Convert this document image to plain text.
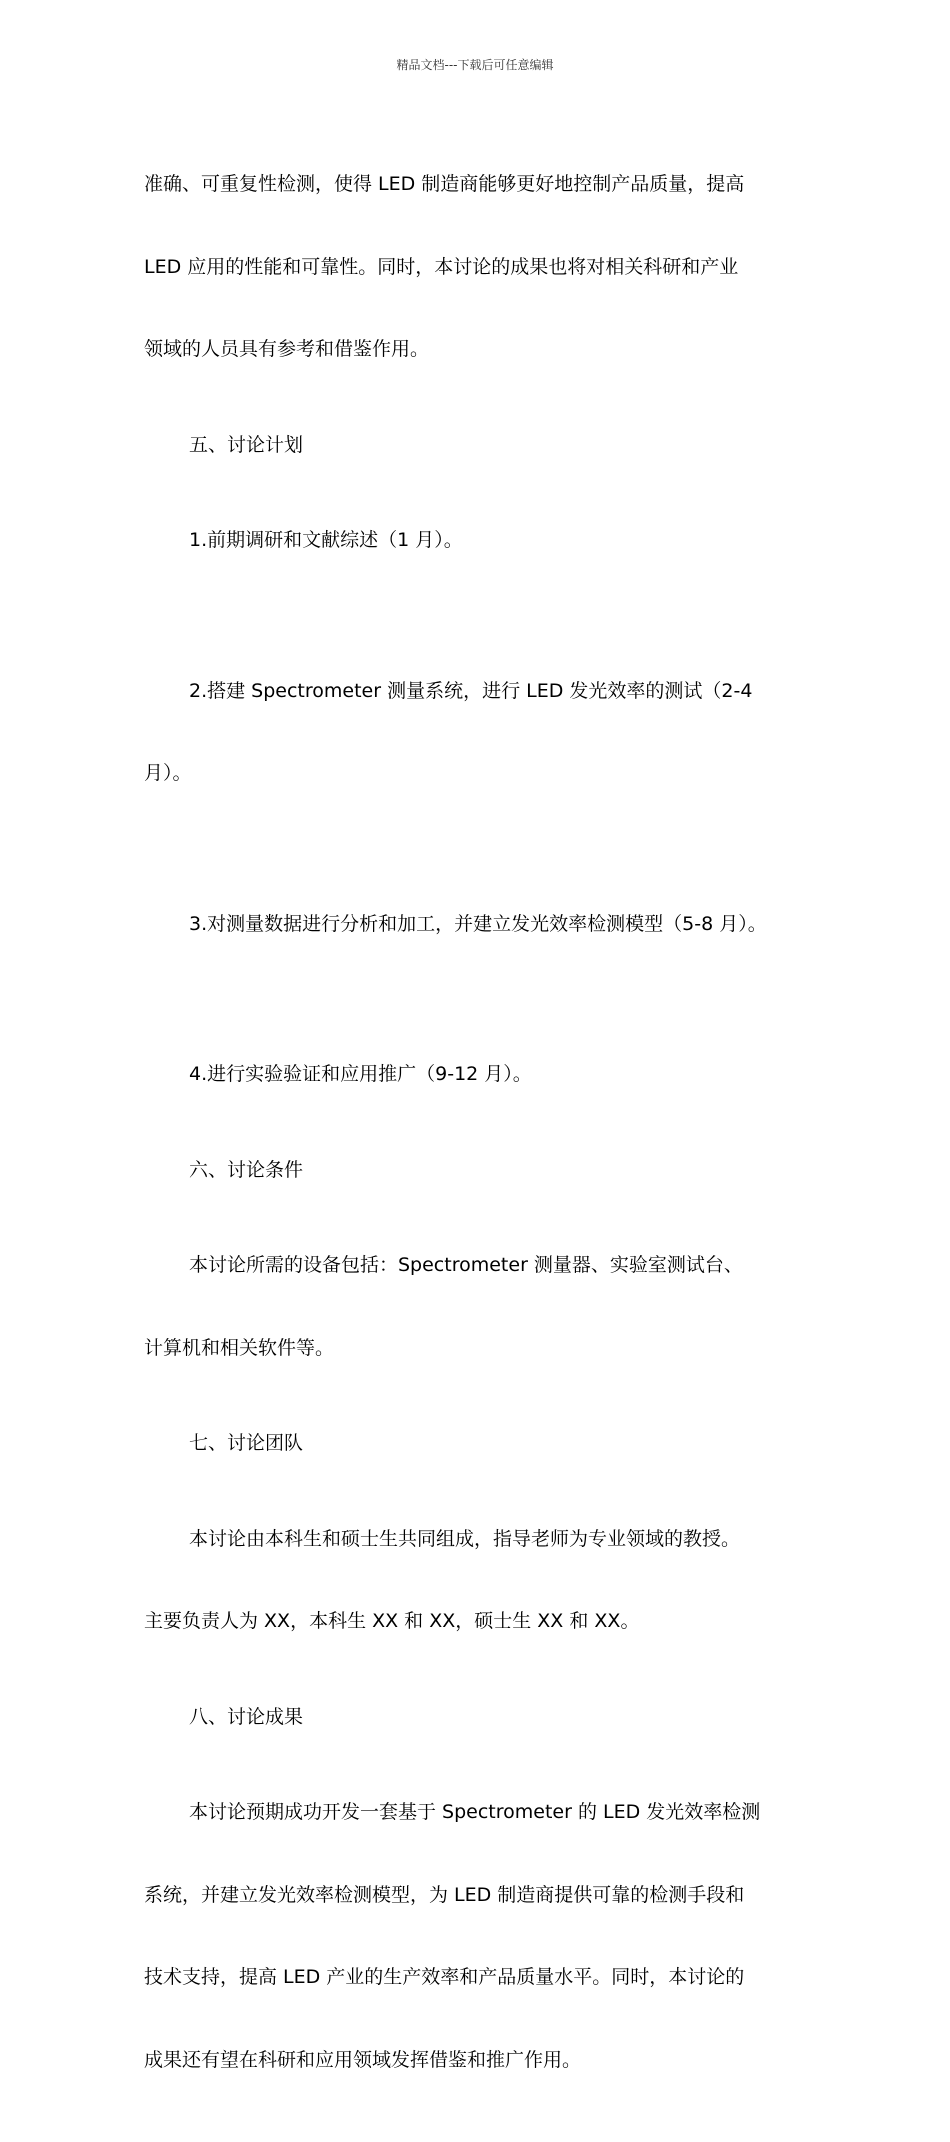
精品文档---下载后可任意编辑

准确、可重复性检测，使得 LED 制造商能够更好地控制产品质量，提高

LED 应用的性能和可靠性。同时，本讨论的成果也将对相关科研和产业

领域的人员具有参考和借鉴作用。

五、讨论计划

1.前期调研和文献综述（1 月）。

2.搭建 Spectrometer 测量系统，进行 LED 发光效率的测试（2-4

月）。

3.对测量数据进行分析和加工，并建立发光效率检测模型（5-8 月）。

4.进行实验验证和应用推广（9-12 月）。

六、讨论条件

本讨论所需的设备包括：Spectrometer 测量器、实验室测试台、

计算机和相关软件等。

七、讨论团队

本讨论由本科生和硕士生共同组成，指导老师为专业领域的教授。

主要负责人为 XX，本科生 XX 和 XX，硕士生 XX 和 XX。

八、讨论成果

本讨论预期成功开发一套基于 Spectrometer 的 LED 发光效率检测

系统，并建立发光效率检测模型，为 LED 制造商提供可靠的检测手段和

技术支持，提高 LED 产业的生产效率和产品质量水平。同时，本讨论的

成果还有望在科研和应用领域发挥借鉴和推广作用。
